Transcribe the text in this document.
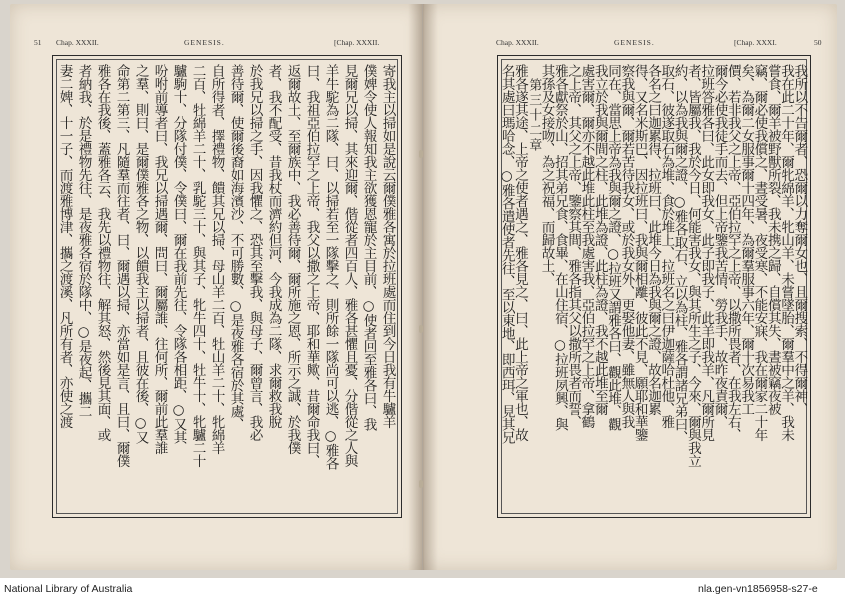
51 Chap. XXXII.	GENESIS.	[Chap. XXXII.	Chap. XXXII.	GENESIS.	[Chap. XXXI.	50
寄我主以掃如是說云爾僕雅各寓於拉班處而住到今日我有牛驢羊
僕婢令使人報知我主欲獲恩寵於主目前、○使者回至雅各曰、我
見爾兄以掃、其來迎爾、偕從者四百人、雅各甚懼且憂、分偕從之人與
羊牛駝為二隊、曰、以掃若至一隊擊之、則所餘一隊尚可以逃、○雅各
曰、我祖亞伯拉罕之上帝、我父以撒之上帝、耶和華歟、昔爾命我曰、
返爾故土、至爾族中、我必善待爾、爾所施之恩、所示之誠、於我僕
者、我不配受、昔我杖而濟約但河、今我成為二隊、求爾救我脫
於我兄以掃之手、因我懼之、恐其至擊我、與母子、爾曾言、我必
善待爾、使爾後裔如海濱沙、不可勝數、○是夜雅各宿於其處、
自所得者、擇禮物、饋其兄以掃、母山羊二百、牡山羊二十、牝綿羊
二百、牡綿羊二十、乳駝三十、與其子、牝牛四十、牡牛十、牝驢二十
驢駒十、分隊付僕、令僕曰、爾在我前先往、令隊各相距、○又其
吩咐前導者曰、我兄以掃遇爾、問曰、爾屬誰、往何所、爾前此羣誰
之羣、則曰、是爾僕雅各之物、以饋我主以掃者、且彼在後、○又
命第二第三、凡隨羣而往者、曰、爾遇以掃、亦當如是言、且曰、爾僕
雅各在我後、蓋雅各云、我先以禮物往、解其怒、然後見其面、或
者納我、於是禮物先往、是夜雅各宿於隊中、○是夜起、攜二
妻二婢、十一子、而渡雅博津、攜之渡溪、凡所有者、亦使之渡	我所以不告爾者、恐爾以力奪爾女也、且爾搜索、不得爾神、
我在此二十年、爾牝綿羊、牝山羊、未嘗墜胎、爾羣中之羊、我未
嘗食、爾羊被野獸所裂、我未携之歸、自償其失、晝被竊夜被
竊、爾必使我償之、晝受暑、夜受寒、不能安寐、我在爾家二十年
矣、為爾二女服事爾十四年、為爾羣服事六年、爾十次易我工
價、若非我父之上帝、亞伯拉罕之上帝、以撒所畏者、在我左右、
爾今必使我徒手而去、但上帝鑒我苦情、勞我手、故昨夜責爾、
拉班答雅各曰、此女即我女、此子即我子、此羊即我羊、凡爾所見
者、皆屬我、我於今日、何能害我女、與其所生之子、今來、爾與我立
約、以為我與爾之證、○雅各取石、立以為柱、雅各謂諸兄弟曰、
取石、彼遂取石為堆、食於堆上、拉班名之曰伊迦薩哈杜他、雅
各名之曰迦累得、拉班曰、此堆今日為我與爾之證、故名迦累
得、又名米斯巴、因拉班曰、我與爾相離、彼此不見、願耶和華鑒
察我與爾、爾若苦待我女、或於我女外、更娶他妻、雖無人與我
同在、當思上帝為我與爾之證、○拉班又謂雅各曰、觀此堆、觀
我立於我與爾間之柱、此堆為證、此柱為證、我不越此堆至爾
處害爾、爾亦不越此堆此柱至我處害我、亞伯拉罕之上帝、拿鶴
之上帝、其父之上帝、鑒察其間、雅各指其父以撒所畏者而誓、
雅各獻祭於山、招其弟兄食、食畢、在山住宿、○拉班夙興、與
其孫及女接吻、為之祝福、而歸故土、
第三十二章
雅各遂其途、上帝之使者遇之、雅各見之、曰、此上帝之軍也、故
名其處曰瑪哈念、○雅各遣使者先往、至以東地、即西珥、見其兄
National Library of Australia	nla.gen-vn1856958-s27-e
